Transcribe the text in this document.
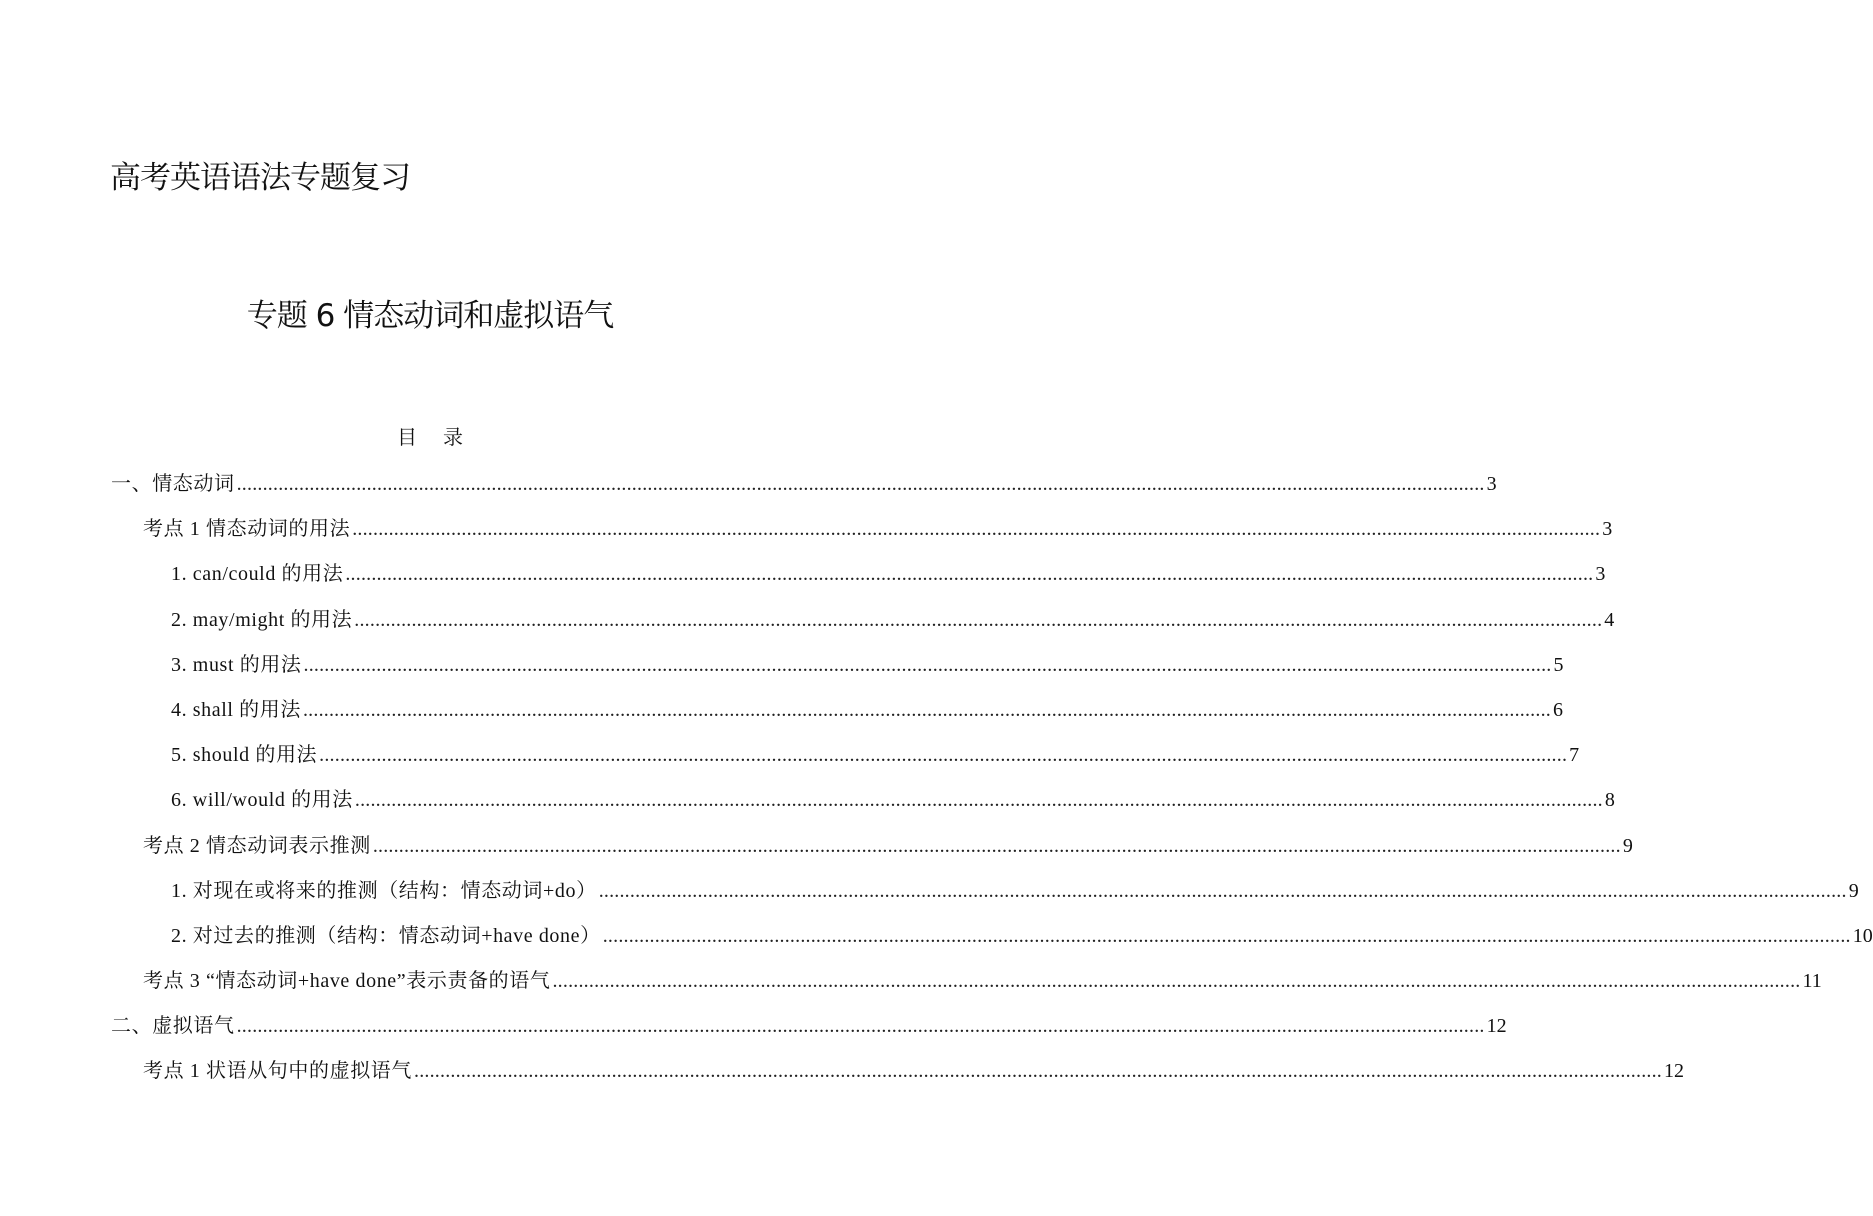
高考英语语法专题复习
专题 6 情态动词和虚拟语气
目录
一、情态动词 ................................................................................................................................................................................................................................................ 3
考点 1 情态动词的用法 ................................................................................................................................................................................................................................................ 3
1. can/could 的用法 ................................................................................................................................................................................................................................................ 3
2. may/might 的用法 ................................................................................................................................................................................................................................................ 4
3. must 的用法 ................................................................................................................................................................................................................................................ 5
4. shall 的用法 ................................................................................................................................................................................................................................................ 6
5. should 的用法 ................................................................................................................................................................................................................................................ 7
6. will/would 的用法 ................................................................................................................................................................................................................................................ 8
考点 2 情态动词表示推测 ................................................................................................................................................................................................................................................ 9
1. 对现在或将来的推测（结构：情态动词+do） ................................................................................................................................................................................................................................................ 9
2. 对过去的推测（结构：情态动词+have done） ................................................................................................................................................................................................................................................ 10
考点 3 “情态动词+have done”表示责备的语气 ................................................................................................................................................................................................................................................ 11
二、虚拟语气 ................................................................................................................................................................................................................................................ 12
考点 1 状语从句中的虚拟语气 ................................................................................................................................................................................................................................................ 12
